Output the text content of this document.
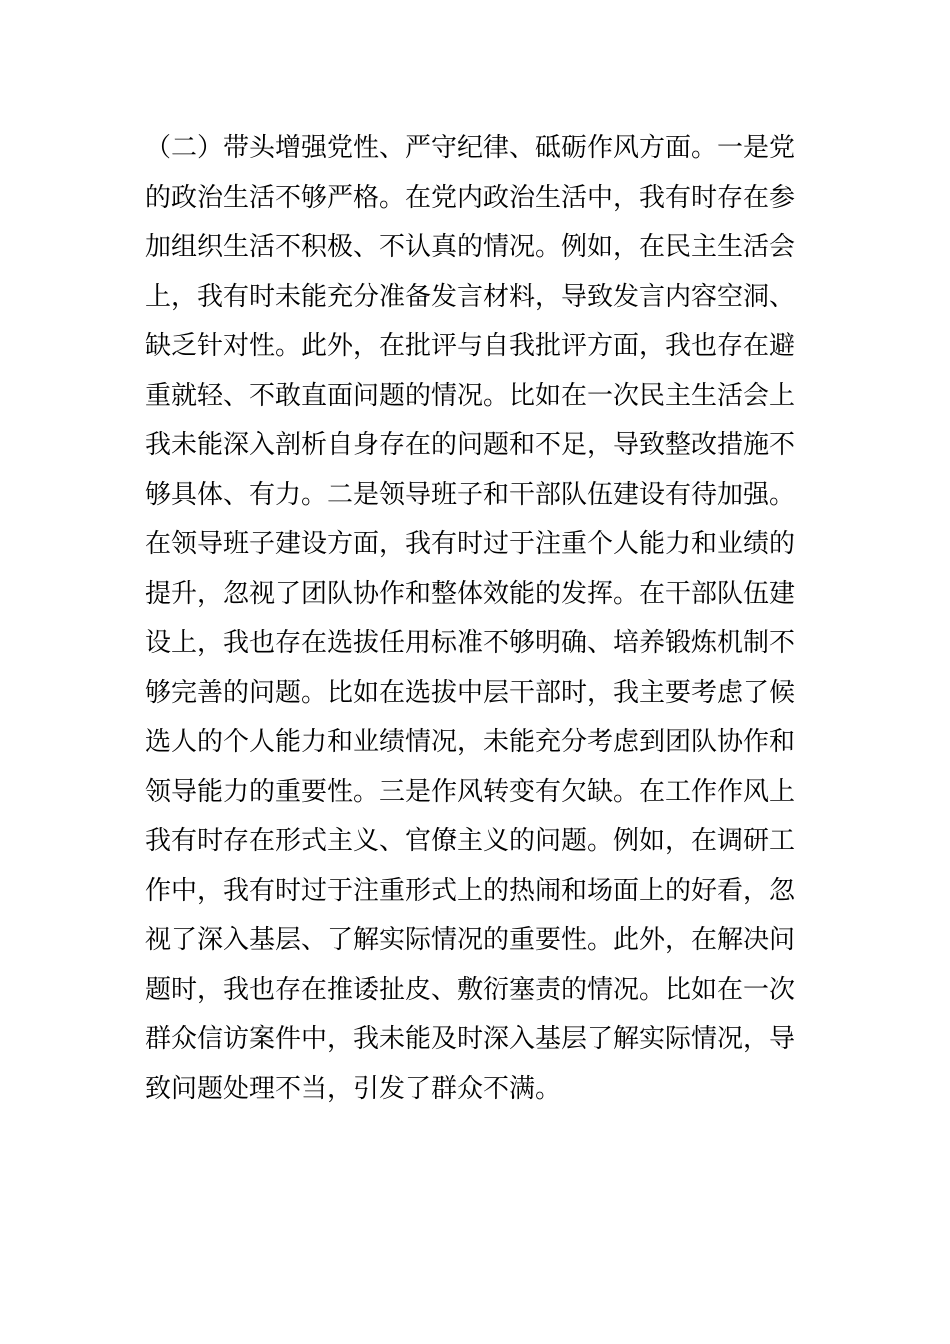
（二）带头增强党性、严守纪律、砥砺作风方面。一是党
的政治生活不够严格。在党内政治生活中，我有时存在参
加组织生活不积极、不认真的情况。例如，在民主生活会
上，我有时未能充分准备发言材料，导致发言内容空洞、
缺乏针对性。此外，在批评与自我批评方面，我也存在避
重就轻、不敢直面问题的情况。比如在一次民主生活会上
我未能深入剖析自身存在的问题和不足，导致整改措施不
够具体、有力。二是领导班子和干部队伍建设有待加强。
在领导班子建设方面，我有时过于注重个人能力和业绩的
提升，忽视了团队协作和整体效能的发挥。在干部队伍建
设上，我也存在选拔任用标准不够明确、培养锻炼机制不
够完善的问题。比如在选拔中层干部时，我主要考虑了候
选人的个人能力和业绩情况，未能充分考虑到团队协作和
领导能力的重要性。三是作风转变有欠缺。在工作作风上
我有时存在形式主义、官僚主义的问题。例如，在调研工
作中，我有时过于注重形式上的热闹和场面上的好看，忽
视了深入基层、了解实际情况的重要性。此外，在解决问
题时，我也存在推诿扯皮、敷衍塞责的情况。比如在一次
群众信访案件中，我未能及时深入基层了解实际情况，导
致问题处理不当，引发了群众不满。
